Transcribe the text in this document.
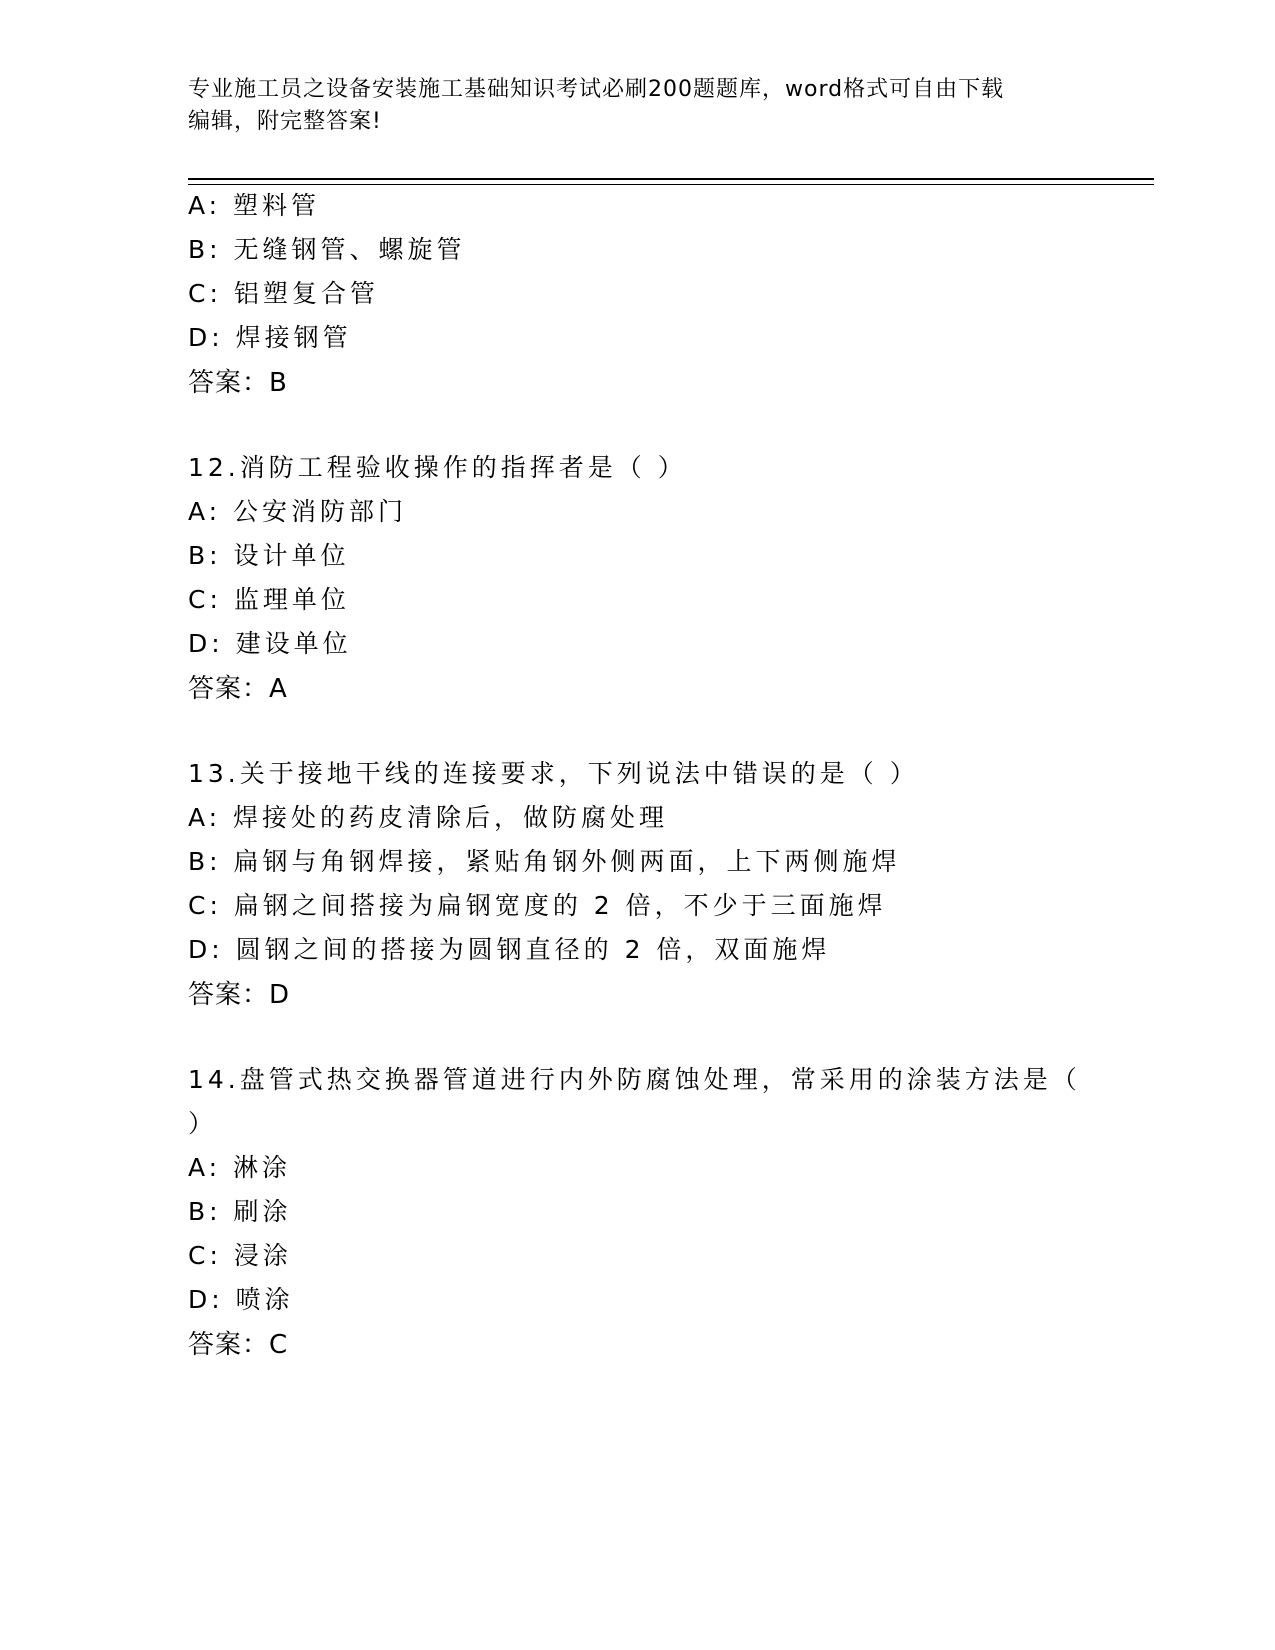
专业施工员之设备安装施工基础知识考试必刷200题题库，word格式可自由下载
编辑，附完整答案!
A: 塑料管
B: 无缝钢管、螺旋管
C: 铝塑复合管
D: 焊接钢管
答案：B
12.消防工程验收操作的指挥者是（ ）
A: 公安消防部门
B: 设计单位
C: 监理单位
D: 建设单位
答案：A
13.关于接地干线的连接要求，下列说法中错误的是（ ）
A: 焊接处的药皮清除后，做防腐处理
B: 扁钢与角钢焊接，紧贴角钢外侧两面，上下两侧施焊
C: 扁钢之间搭接为扁钢宽度的 2 倍，不少于三面施焊
D: 圆钢之间的搭接为圆钢直径的 2 倍，双面施焊
答案：D
14.盘管式热交换器管道进行内外防腐蚀处理，常采用的涂装方法是（
）
A: 淋涂
B: 刷涂
C: 浸涂
D: 喷涂
答案：C
